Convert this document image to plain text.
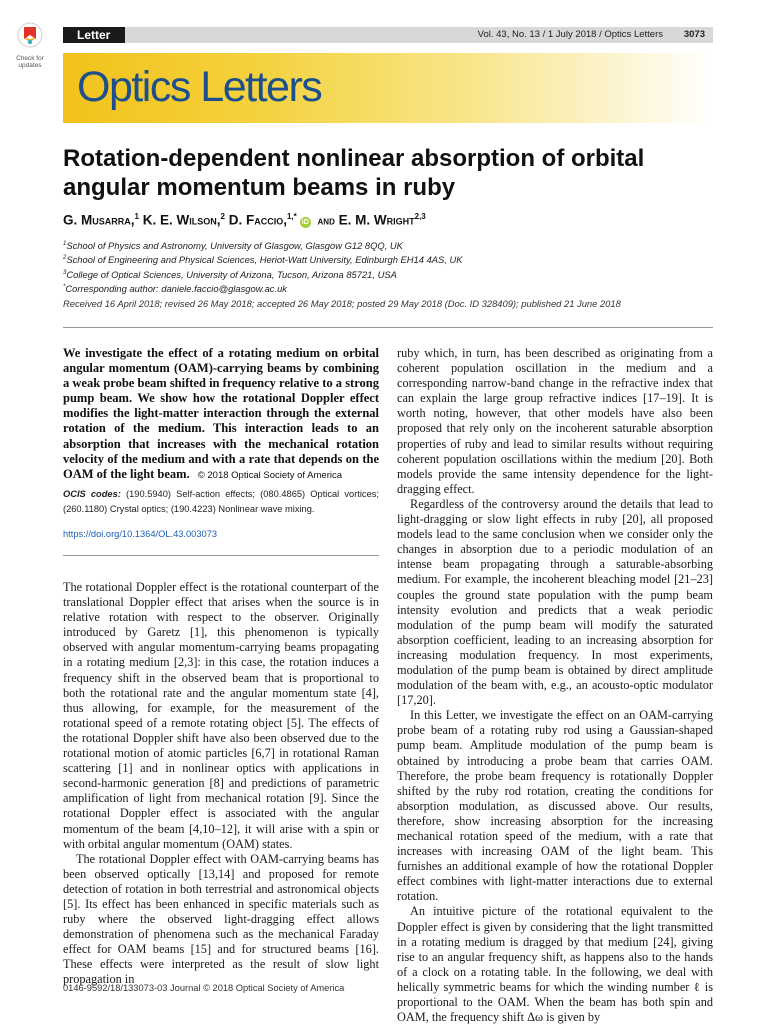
Check for updates
Letter	Vol. 43, No. 13 / 1 July 2018 / Optics Letters 3073
Optics Letters
Rotation-dependent nonlinear absorption of orbital angular momentum beams in ruby
G. Musarra,$^1$ K. E. Wilson,$^2$ D. Faccio,$^{1,*}$iD and E. M. Wright$^{2,3}$
$^1$School of Physics and Astronomy, University of Glasgow, Glasgow G12 8QQ, UK
$^2$School of Engineering and Physical Sciences, Heriot-Watt University, Edinburgh EH14 4AS, UK
$^3$College of Optical Sciences, University of Arizona, Tucson, Arizona 85721, USA
*Corresponding author: daniele.faccio@glasgow.ac.uk
Received 16 April 2018; revised 26 May 2018; accepted 26 May 2018; posted 29 May 2018 (Doc. ID 328409); published 21 June 2018
We investigate the effect of a rotating medium on orbital angular momentum (OAM)-carrying beams by combining a weak probe beam shifted in frequency relative to a strong pump beam. We show how the rotational Doppler effect modifies the light-matter interaction through the external rotation of the medium. This interaction leads to an absorption that increases with the mechanical rotation velocity of the medium and with a rate that depends on the OAM of the light beam. © 2018 Optical Society of America
OCIS codes: (190.5940) Self-action effects; (080.4865) Optical vortices; (260.1180) Crystal optics; (190.4223) Nonlinear wave mixing.
https://doi.org/10.1364/OL.43.003073

The rotational Doppler effect is the rotational counterpart of the translational Doppler effect that arises when the source is in relative rotation with respect to the observer. Originally introduced by Garetz [1], this phenomenon is typically observed with angular momentum-carrying beams propagating in a rotating medium [2,3]: in this case, the rotation induces a frequency shift in the observed beam that is proportional to both the rotational rate and the angular momentum state [4], thus allowing, for example, for the measurement of the rotational speed of a remote rotating object [5]. The effects of the rotational Doppler shift have also been observed due to the rotational motion of atomic particles [6,7] in rotational Raman scattering [1] and in nonlinear optics with applications in second-harmonic generation [8] and predictions of parametric amplification of light from mechanical rotation [9]. Since the rotational Doppler effect is associated with the angular momentum of the beam [4,10–12], it will arise with a spin or with orbital angular momentum (OAM) states.

The rotational Doppler effect with OAM-carrying beams has been observed optically [13,14] and proposed for remote detection of rotation in both terrestrial and astronomical objects [5]. Its effect has been enhanced in specific materials such as ruby where the observed light-dragging effect allows demonstration of phenomena such as the mechanical Faraday effect for OAM beams [15] and for structured beams [16]. These effects were interpreted as the result of slow light propagation in

ruby which, in turn, has been described as originating from a coherent population oscillation in the medium and a corresponding narrow-band change in the refractive index that can explain the large group refractive indices [17–19]. It is worth noting, however, that other models have also been proposed that rely only on the incoherent saturable absorption properties of ruby and lead to similar results without requiring coherent population oscillations within the medium [20]. Both models provide the same intensity dependence for the light-dragging effect.

Regardless of the controversy around the details that lead to light-dragging or slow light effects in ruby [20], all proposed models lead to the same conclusion when we consider only the changes in absorption due to a periodic modulation of an intense beam propagating through a saturable-absorbing medium. For example, the incoherent bleaching model [21–23] couples the ground state population with the pump beam intensity evolution and predicts that a weak periodic modulation of the pump beam will modify the saturated absorption coefficient, leading to an increasing absorption for increasing modulation frequency. In most experiments, modulation of the pump beam is obtained by direct amplitude modulation of the beam with, e.g., an acousto-optic modulator [17,20].

In this Letter, we investigate the effect on an OAM-carrying probe beam of a rotating ruby rod using a Gaussian-shaped pump beam. Amplitude modulation of the pump beam is obtained by introducing a probe beam that carries OAM. Therefore, the probe beam frequency is rotationally Doppler shifted by the ruby rod rotation, creating the conditions for absorption modulation, as discussed above. Our results, therefore, show increasing absorption for the increasing mechanical rotation speed of the medium, with a rate that increases with increasing OAM of the light beam. This furnishes an additional example of how the rotational Doppler effect combines with light-matter interactions due to external rotation.

An intuitive picture of the rotational equivalent to the Doppler effect is given by considering that the light transmitted in a rotating medium is dragged by that medium [24], giving rise to an angular frequency shift, as happens also to the hands of a clock on a rotating table. In the following, we deal with helically symmetric beams for which the winding number ℓ is proportional to the OAM. When the beam has both spin and OAM, the frequency shift Δω is given by

0146-9592/18/133073-03 Journal © 2018 Optical Society of America
